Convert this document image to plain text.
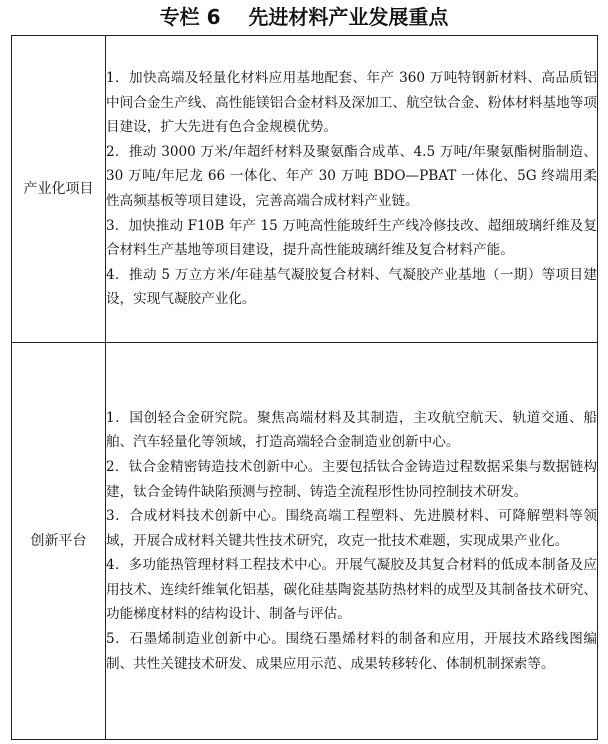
专栏 6    先进材料产业发展重点
产业化项目	1．加快高端及轻量化材料应用基地配套、年产 360 万吨特钢新材料、高品质铝中间合金生产线、高性能镁铝合金材料及深加工、航空钛合金、粉体材料基地等项目建设，扩大先进有色合金规模优势。

2．推动 3000 万米/年超纤材料及聚氨酯合成革、4.5 万吨/年聚氨酯树脂制造、30 万吨/年尼龙 66 一体化、年产 30 万吨 BDO—PBAT 一体化、5G 终端用柔性高频基板等项目建设，完善高端合成材料产业链。

3．加快推动 F10B 年产 15 万吨高性能玻纤生产线冷修技改、超细玻璃纤维及复合材料生产基地等项目建设，提升高性能玻璃纤维及复合材料产能。

4．推动 5 万立方米/年硅基气凝胶复合材料、气凝胶产业基地（一期）等项目建设，实现气凝胶产业化。

创新平台	1．国创轻合金研究院。聚焦高端材料及其制造，主攻航空航天、轨道交通、船舶、汽车轻量化等领域，打造高端轻合金制造业创新中心。

2．钛合金精密铸造技术创新中心。主要包括钛合金铸造过程数据采集与数据链构建，钛合金铸件缺陷预测与控制、铸造全流程形性协同控制技术研发。

3．合成材料技术创新中心。围绕高端工程塑料、先进膜材料、可降解塑料等领域，开展合成材料关键共性技术研究，攻克一批技术难题，实现成果产业化。

4．多功能热管理材料工程技术中心。开展气凝胶及其复合材料的低成本制备及应用技术、连续纤维氧化铝基，碳化硅基陶瓷基防热材料的成型及其制备技术研究、功能梯度材料的结构设计、制备与评估。

5．石墨烯制造业创新中心。围绕石墨烯材料的制备和应用，开展技术路线图编制、共性关键技术研发、成果应用示范、成果转移转化、体制机制探索等。
